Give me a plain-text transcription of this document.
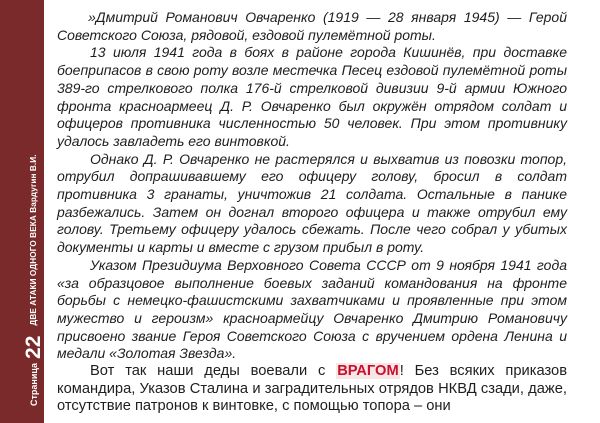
Страница
22
ДВЕ АТАКИ ОДНОГО ВЕКА Вардугин В.И.

»Дмитрий Романович Овчаренко (1919 — 28 января 1945) — Герой Советского Союза, рядовой, ездовой пулемётной роты.

13 июля 1941 года в боях в районе города Кишинёв, при доставке боеприпасов в свою роту возле местечка Песец ездовой пулемётной роты 389-го стрелкового полка 176-й стрелковой дивизии 9-й армии Южного фронта красноармеец Д. Р. Овчаренко был окружён отрядом солдат и офицеров противника численностью 50 человек. При этом противнику удалось завладеть его винтовкой.

Однако Д. Р. Овчаренко не растерялся и выхватив из повозки топор, отрубил допрашивавшему его офицеру голову, бросил в солдат противника 3 гранаты, уничтожив 21 солдата. Остальные в панике разбежались. Затем он догнал второго офицера и также отрубил ему голову. Третьему офицеру удалось сбежать. После чего собрал у убитых документы и карты и вместе с грузом прибыл в роту.

Указом Президиума Верховного Совета СССР от 9 ноября 1941 года «за образцовое выполнение боевых заданий командования на фронте борьбы с немецко-фашистскими захватчиками и проявленные при этом мужество и героизм» красноармейцу Овчаренко Дмитрию Романовичу присвоено звание Героя Советского Союза с вручением ордена Ленина и медали «Золотая Звезда».

Вот так наши деды воевали с ВРАГОМ! Без всяких приказов командира, Указов Сталина и заградительных отрядов НКВД сзади, даже, отсутствие патронов к винтовке, с помощью топора – они
